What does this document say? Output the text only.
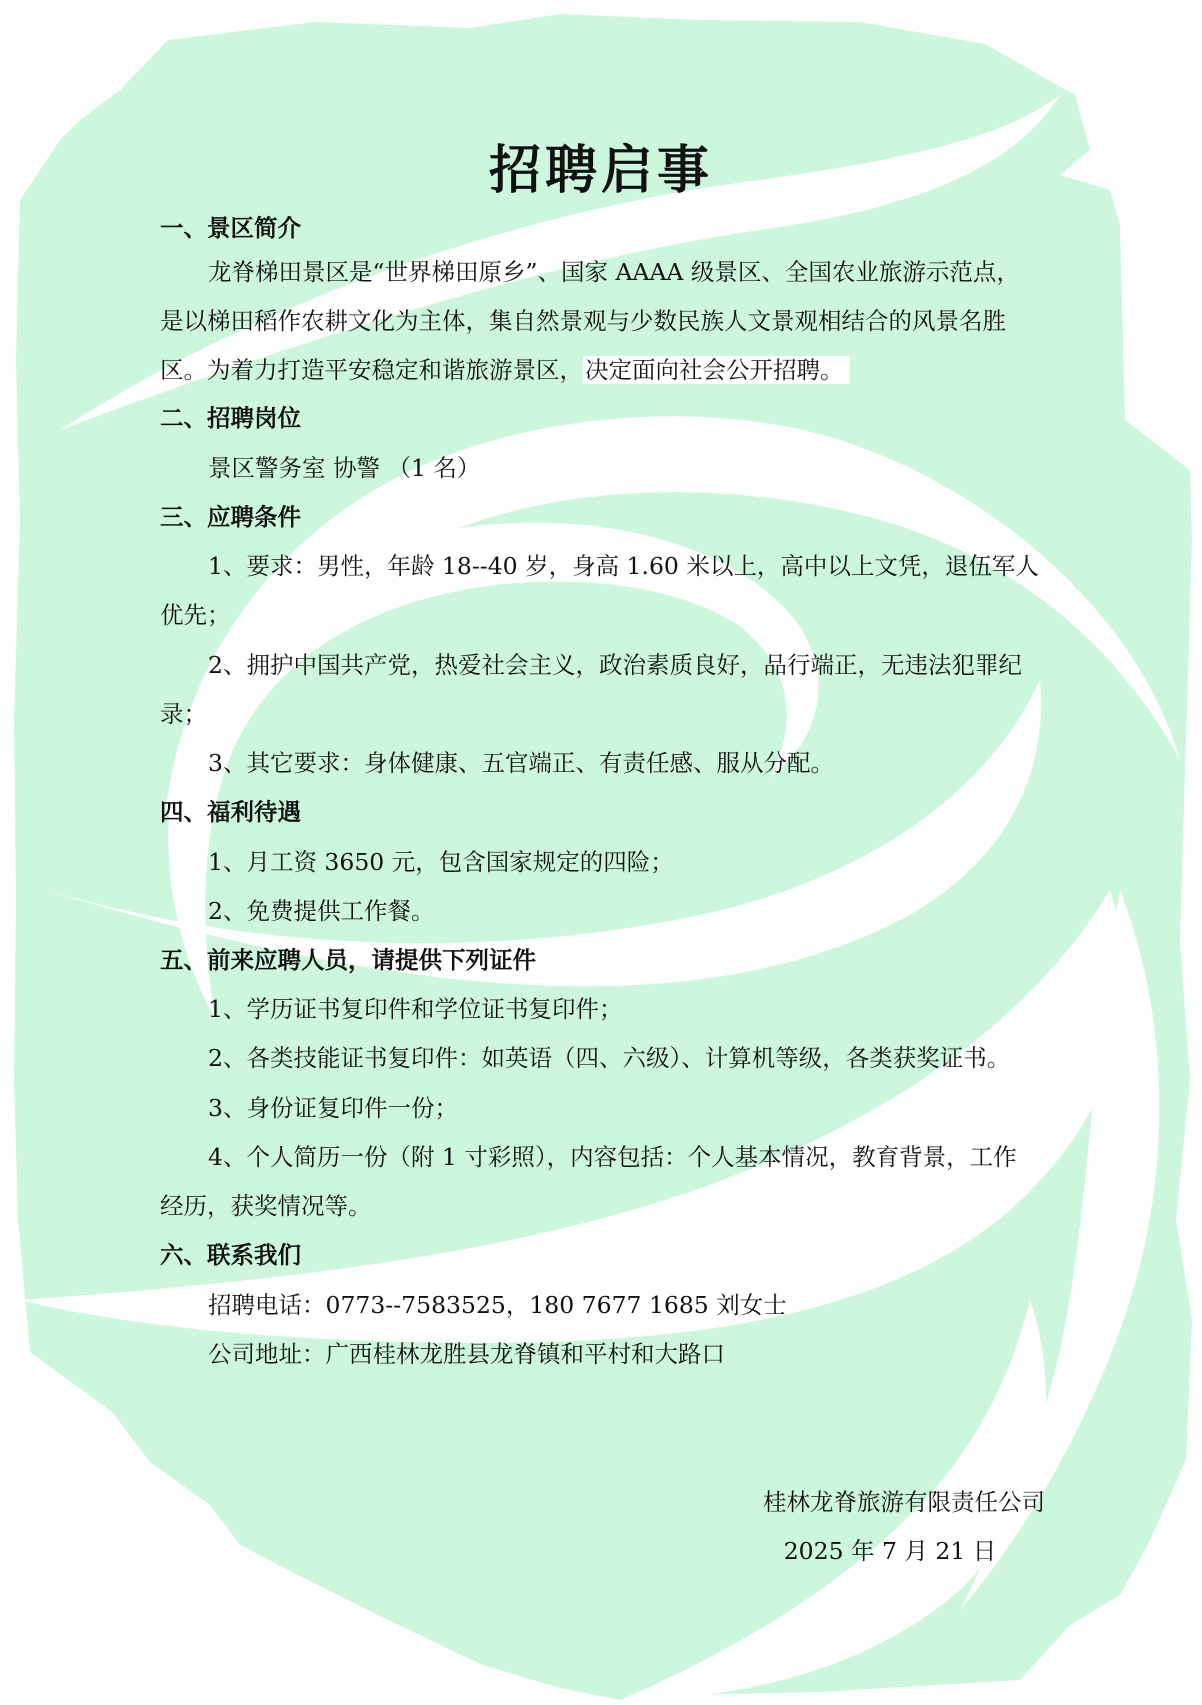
招聘启事
一、景区简介
龙脊梯田景区是“世界梯田原乡”、国家 AAAA 级景区、全国农业旅游示范点，
是以梯田稻作农耕文化为主体，集自然景观与少数民族人文景观相结合的风景名胜
区。为着力打造平安稳定和谐旅游景区，决定面向社会公开招聘。
二、招聘岗位
景区警务室 协警 （1 名）
三、应聘条件
1、要求：男性，年龄 18--40 岁，身高 1.60 米以上，高中以上文凭，退伍军人
优先；
2、拥护中国共产党，热爱社会主义，政治素质良好，品行端正，无违法犯罪纪
录；
3、其它要求：身体健康、五官端正、有责任感、服从分配。
四、福利待遇
1、月工资 3650 元，包含国家规定的四险；
2、免费提供工作餐。
五、前来应聘人员，请提供下列证件
1、学历证书复印件和学位证书复印件；
2、各类技能证书复印件：如英语（四、六级）、计算机等级，各类获奖证书。
3、身份证复印件一份；
4、个人简历一份（附 1 寸彩照），内容包括：个人基本情况，教育背景，工作
经历，获奖情况等。
六、联系我们
招聘电话：0773--7583525，180 7677 1685 刘女士
公司地址：广西桂林龙胜县龙脊镇和平村和大路口
桂林龙脊旅游有限责任公司
2025 年 7 月 21 日
